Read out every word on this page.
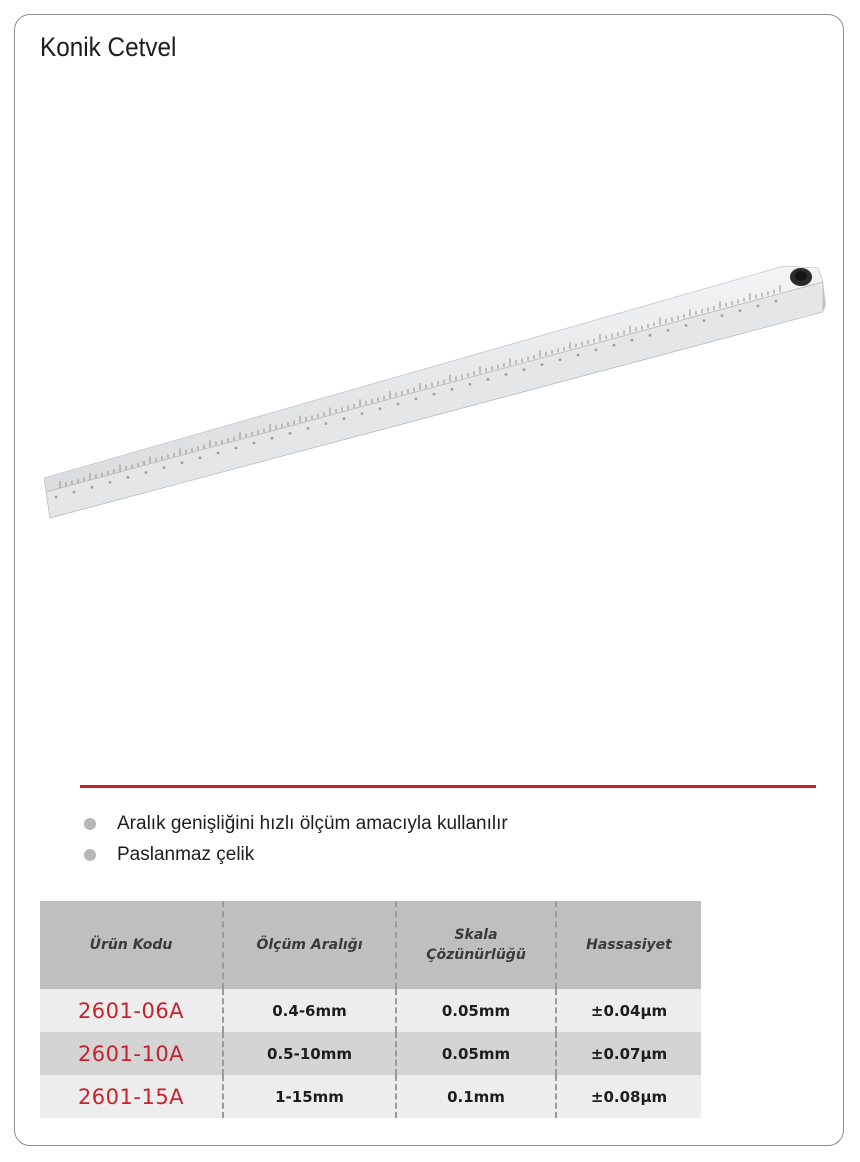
Konik Cetvel
Aralık genişliğini hızlı ölçüm amacıyla kullanılır
Paslanmaz çelik
Ürün Kodu	Ölçüm Aralığı	Skala Çözünürlüğü	Hassasiyet
2601-06A	0.4-6mm	0.05mm	±0.04µm
2601-10A	0.5-10mm	0.05mm	±0.07µm
2601-15A	1-15mm	0.1mm	±0.08µm
